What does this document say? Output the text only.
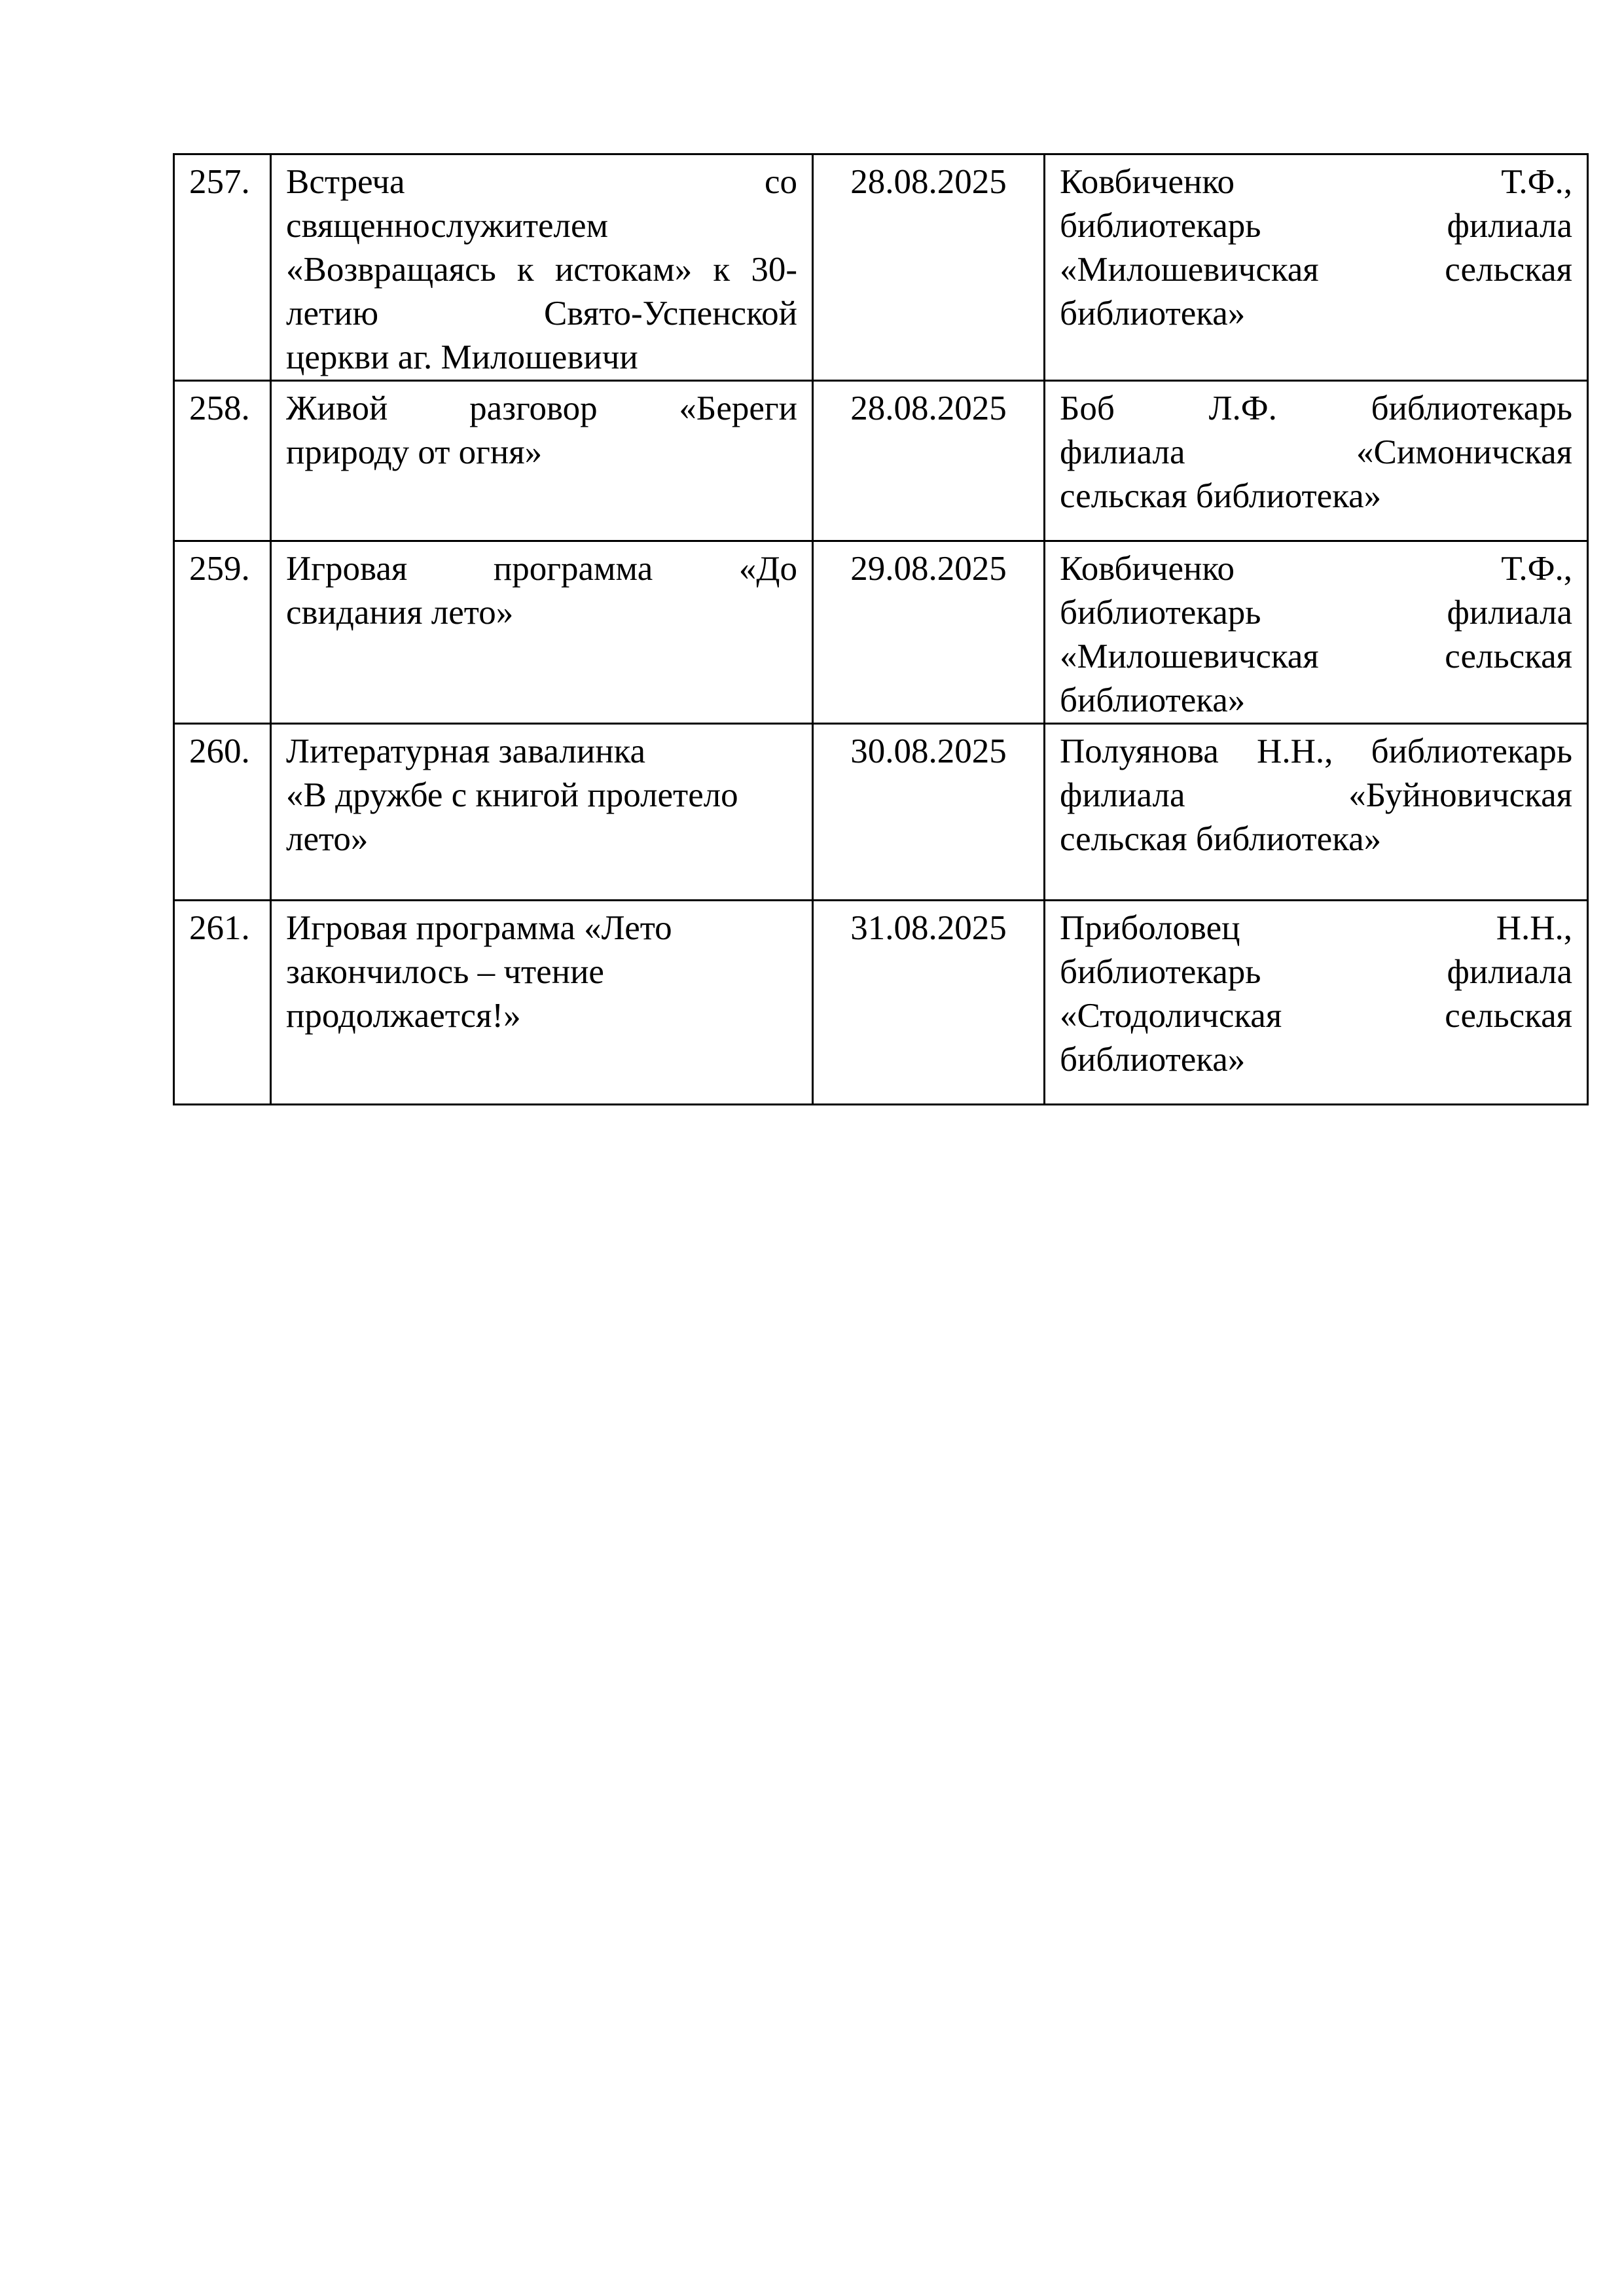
257.	Встреча со
священнослужителем
«Возвращаясь к истокам» к 30-
летию Свято-Успенской
церкви аг. Милошевичи	28.08.2025	Ковбиченко Т.Ф.,
библиотекарь филиала
«Милошевичская сельская
библиотека»

258.	Живой разговор «Береги
природу от огня»	28.08.2025	Боб Л.Ф. библиотекарь
филиала «Симоничская
сельская библиотека»

259.	Игровая программа «До
свидания лето»	29.08.2025	Ковбиченко Т.Ф.,
библиотекарь филиала
«Милошевичская сельская
библиотека»

260.	Литературная завалинка
«В дружбе с книгой пролетело
лето»	30.08.2025	Полуянова Н.Н., библиотекарь
филиала «Буйновичская
сельская библиотека»

261.	Игровая программа «Лето
закончилось – чтение
продолжается!»	31.08.2025	Приболовец Н.Н.,
библиотекарь филиала
«Стодоличская сельская
библиотека»
